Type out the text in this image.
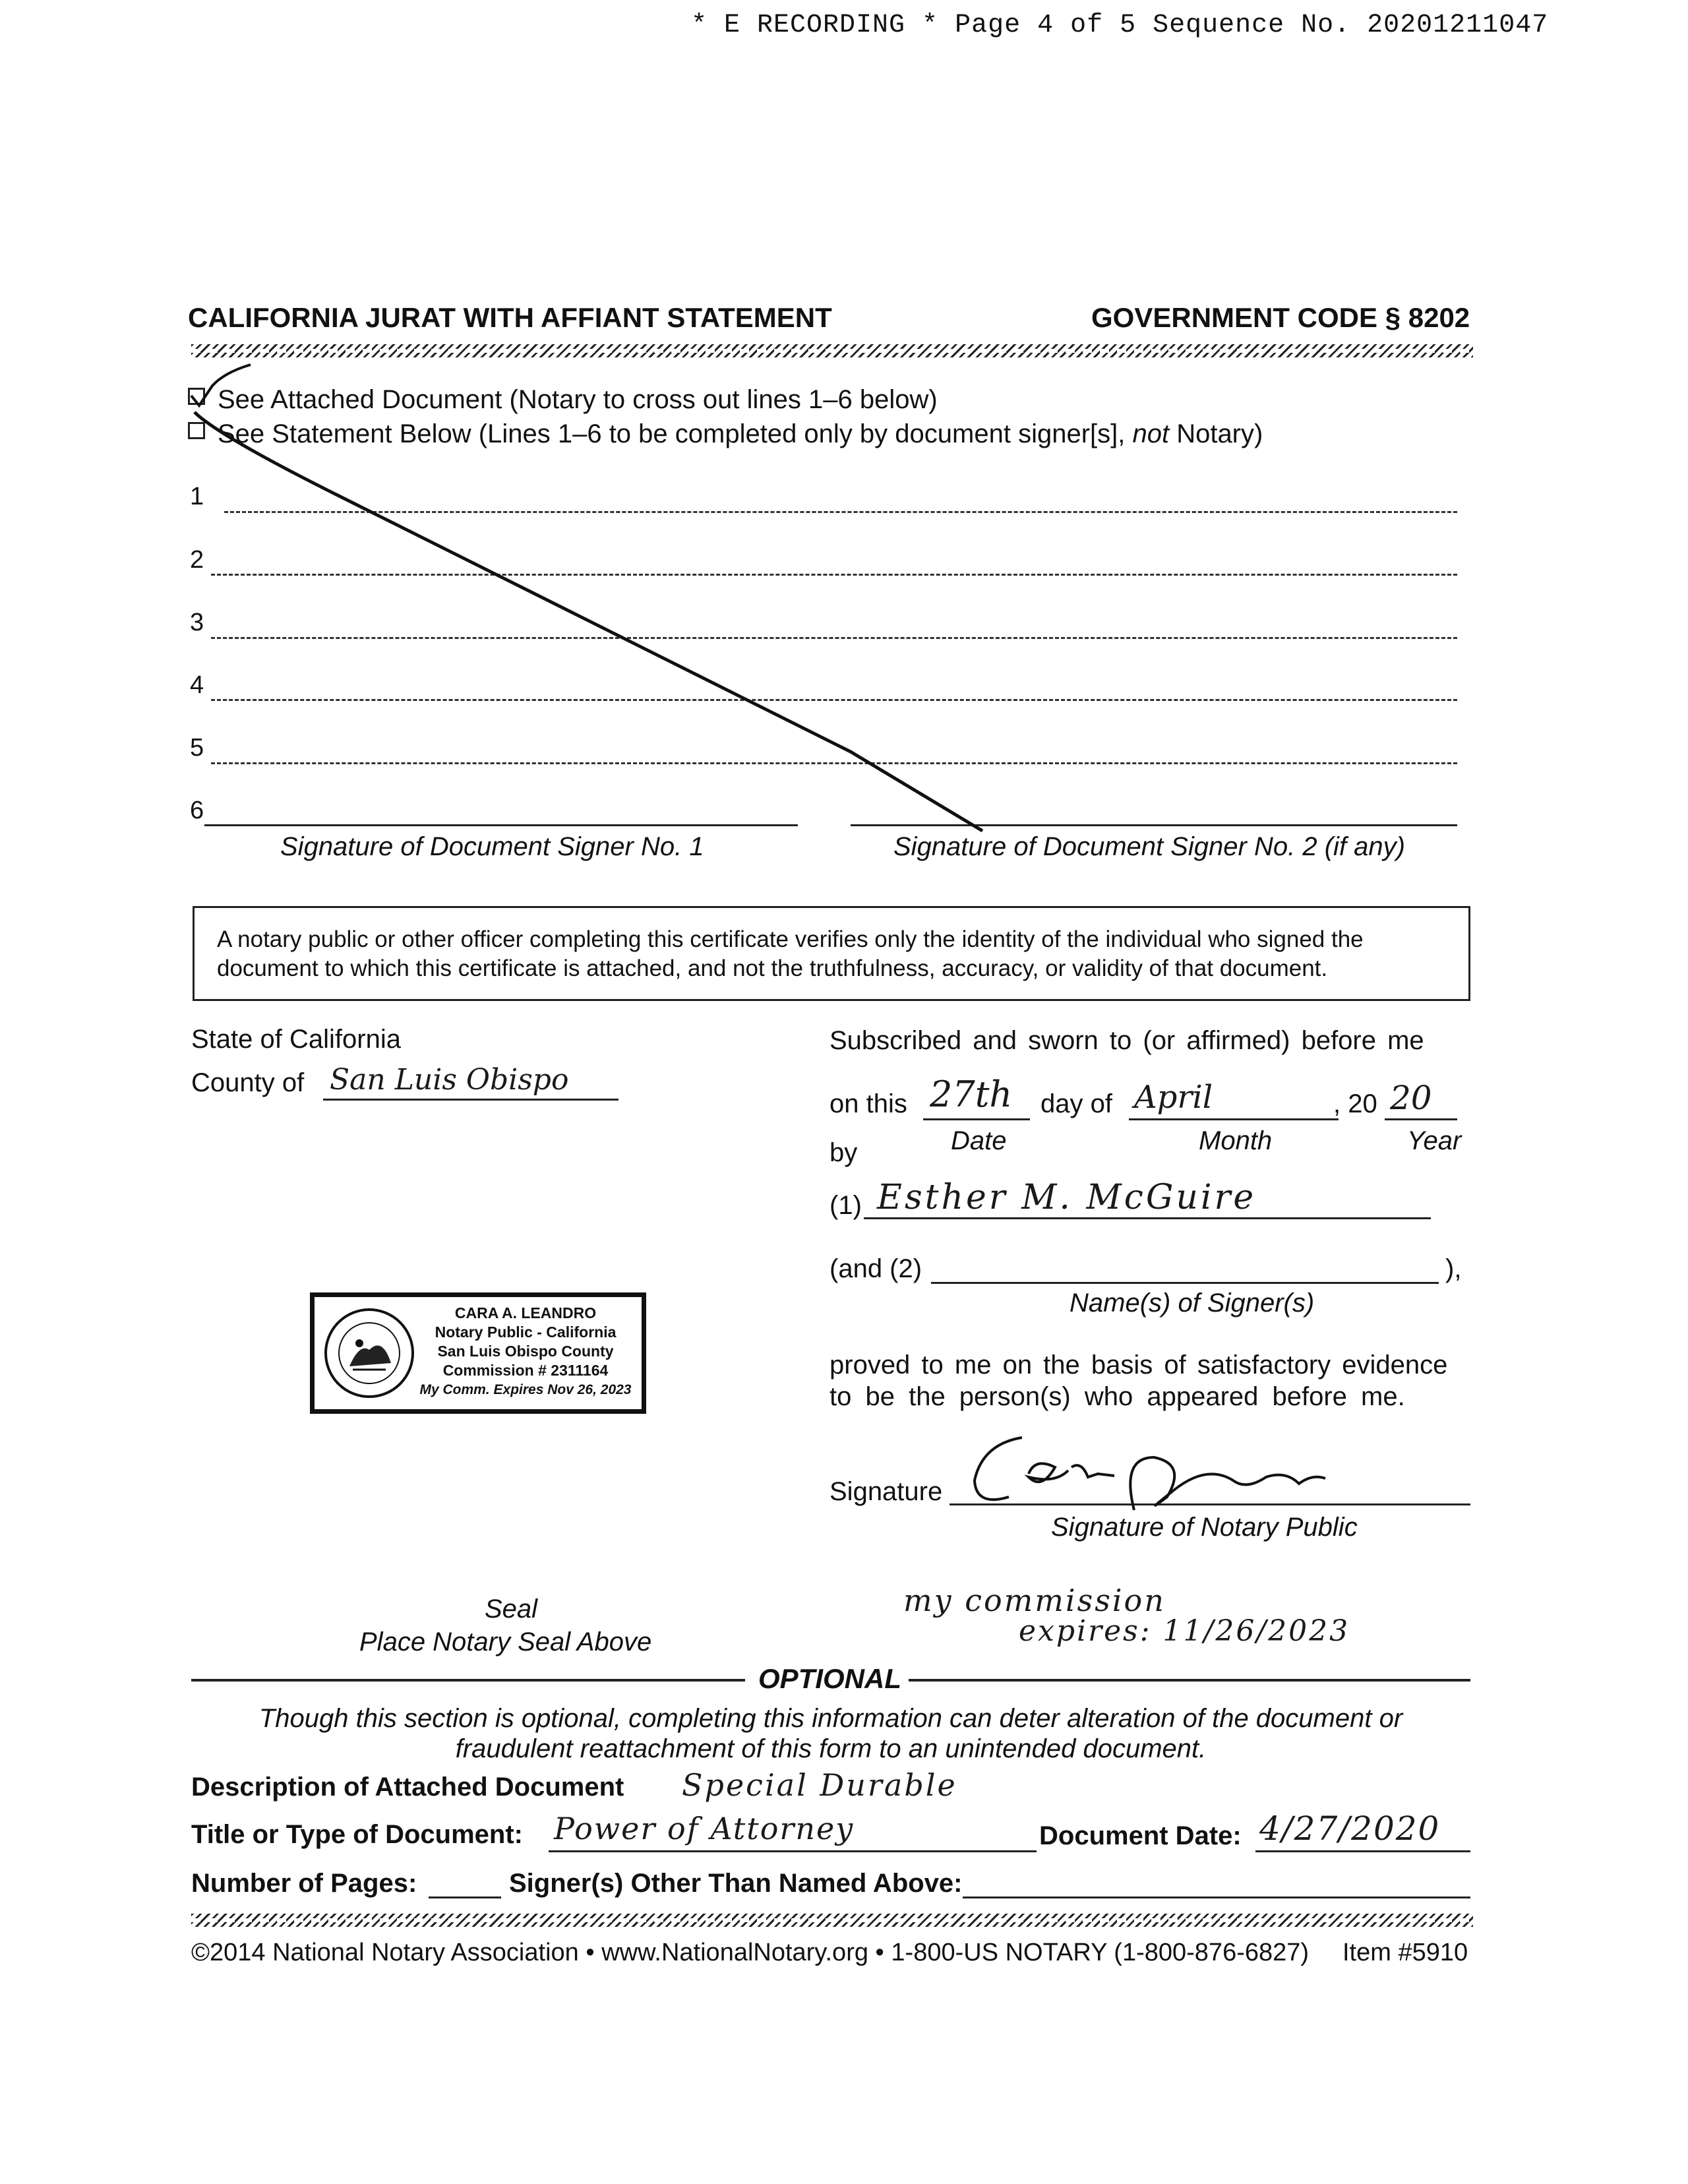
* E RECORDING * Page 4 of 5 Sequence No. 20201211047
CALIFORNIA JURAT WITH AFFIANT STATEMENT	GOVERNMENT CODE § 8202
See Attached Document (Notary to cross out lines 1–6 below)
See Statement Below (Lines 1–6 to be completed only by document signer[s], not Notary)
1
2
3
4
5
6
Signature of Document Signer No. 1	Signature of Document Signer No. 2 (if any)
A notary public or other officer completing this certificate verifies only the identity of the individual who signed the document to which this certificate is attached, and not the truthfulness, accuracy, or validity of that document.
State of California
County of San Luis Obispo
Subscribed and sworn to (or affirmed) before me
on this 27th day of April	, 20 20
by	Date	Month	Year
(1) Esther M. McGuire
(and (2)	),
Name(s) of Signer(s)
proved to me on the basis of satisfactory evidence
to be the person(s) who appeared before me.
Signature
Signature of Notary Public
my commission
expires: 11/26/2023
CARA A. LEANDRO
Notary Public - California
San Luis Obispo County
Commission # 2311164
My Comm. Expires Nov 26, 2023
Seal
Place Notary Seal Above
OPTIONAL
Though this section is optional, completing this information can deter alteration of the document or
fraudulent reattachment of this form to an unintended document.
Description of Attached Document Special Durable
Title or Type of Document: Power of Attorney	Document Date: 4/27/2020
Number of Pages:	Signer(s) Other Than Named Above:
©2014 National Notary Association • www.NationalNotary.org • 1-800-US NOTARY (1-800-876-6827) Item #5910
